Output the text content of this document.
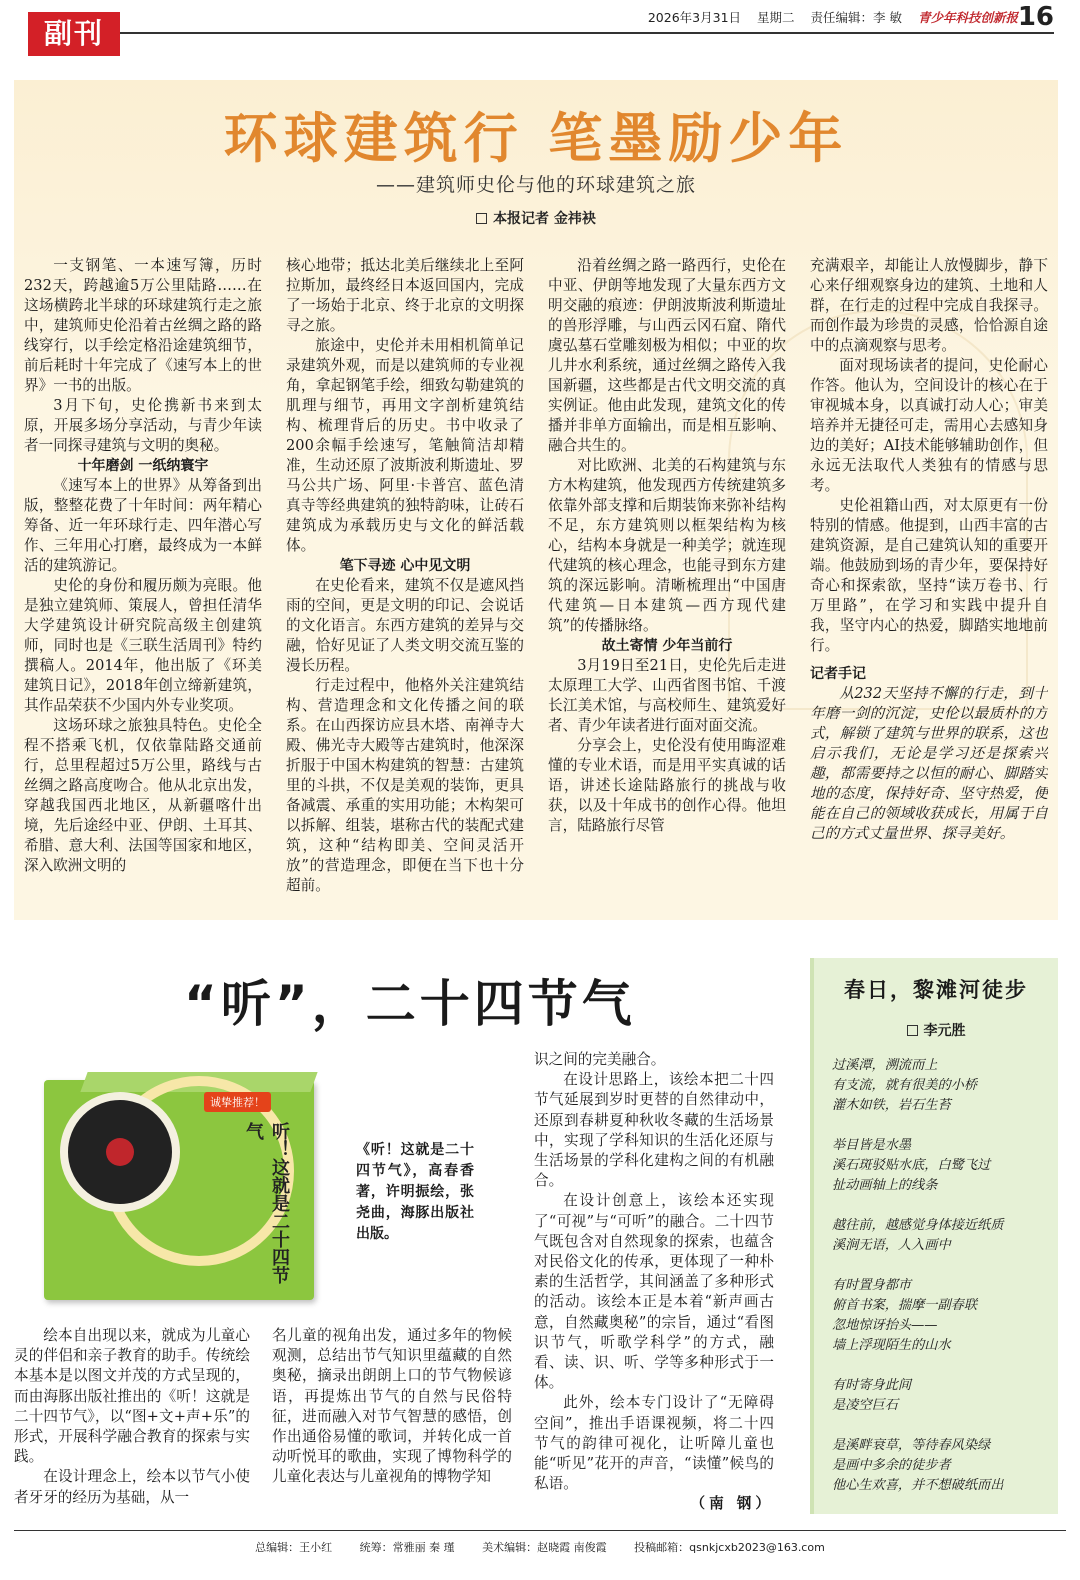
副刊	2026年3月31日 星期二 责任编辑：李 敏 青少年科技创新报 16
环球建筑行 笔墨励少年
——建筑师史伦与他的环球建筑之旅
本报记者 金祎袂

一支钢笔、一本速写簿，历时232天，跨越逾5万公里陆路……在这场横跨北半球的环球建筑行走之旅中，建筑师史伦沿着古丝绸之路的路线穿行，以手绘定格沿途建筑细节，前后耗时十年完成了《速写本上的世界》一书的出版。

3月下旬，史伦携新书来到太原，开展多场分享活动，与青少年读者一同探寻建筑与文明的奥秘。

十年磨剑 一纸纳寰宇

《速写本上的世界》从筹备到出版，整整花费了十年时间：两年精心筹备、近一年环球行走、四年潜心写作、三年用心打磨，最终成为一本鲜活的建筑游记。

史伦的身份和履历颇为亮眼。他是独立建筑师、策展人，曾担任清华大学建筑设计研究院高级主创建筑师，同时也是《三联生活周刊》特约撰稿人。2014年，他出版了《环美建筑日记》，2018年创立缔新建筑，其作品荣获不少国内外专业奖项。

这场环球之旅独具特色。史伦全程不搭乘飞机，仅依靠陆路交通前行，总里程超过5万公里，路线与古丝绸之路高度吻合。他从北京出发，穿越我国西北地区，从新疆喀什出境，先后途经中亚、伊朗、土耳其、希腊、意大利、法国等国家和地区，深入欧洲文明的

核心地带；抵达北美后继续北上至阿拉斯加，最终经日本返回国内，完成了一场始于北京、终于北京的文明探寻之旅。

旅途中，史伦并未用相机简单记录建筑外观，而是以建筑师的专业视角，拿起钢笔手绘，细致勾勒建筑的肌理与细节，再用文字剖析建筑结构、梳理背后的历史。书中收录了200余幅手绘速写，笔触简洁却精准，生动还原了波斯波利斯遗址、罗马公共广场、阿里·卡普宫、蓝色清真寺等经典建筑的独特韵味，让砖石建筑成为承载历史与文化的鲜活载体。

笔下寻迹 心中见文明

在史伦看来，建筑不仅是遮风挡雨的空间，更是文明的印记、会说话的文化语言。东西方建筑的差异与交融，恰好见证了人类文明交流互鉴的漫长历程。

行走过程中，他格外关注建筑结构、营造理念和文化传播之间的联系。在山西探访应县木塔、南禅寺大殿、佛光寺大殿等古建筑时，他深深折服于中国木构建筑的智慧：古建筑里的斗拱，不仅是美观的装饰，更具备减震、承重的实用功能；木构架可以拆解、组装，堪称古代的装配式建筑，这种“结构即美、空间灵活开放”的营造理念，即便在当下也十分超前。

沿着丝绸之路一路西行，史伦在中亚、伊朗等地发现了大量东西方文明交融的痕迹：伊朗波斯波利斯遗址的兽形浮雕，与山西云冈石窟、隋代虞弘墓石堂雕刻极为相似；中亚的坎儿井水利系统，通过丝绸之路传入我国新疆，这些都是古代文明交流的真实例证。他由此发现，建筑文化的传播并非单方面输出，而是相互影响、融合共生的。

对比欧洲、北美的石构建筑与东方木构建筑，他发现西方传统建筑多依靠外部支撑和后期装饰来弥补结构不足，东方建筑则以框架结构为核心，结构本身就是一种美学；就连现代建筑的核心理念，也能寻到东方建筑的深远影响。清晰梳理出“中国唐代建筑—日本建筑—西方现代建筑”的传播脉络。

故土寄情 少年当前行

3月19日至21日，史伦先后走进太原理工大学、山西省图书馆、千渡长江美术馆，与高校师生、建筑爱好者、青少年读者进行面对面交流。

分享会上，史伦没有使用晦涩难懂的专业术语，而是用平实真诚的话语，讲述长途陆路旅行的挑战与收获，以及十年成书的创作心得。他坦言，陆路旅行尽管

充满艰辛，却能让人放慢脚步，静下心来仔细观察身边的建筑、土地和人群，在行走的过程中完成自我探寻。而创作最为珍贵的灵感，恰恰源自途中的点滴观察与思考。

面对现场读者的提问，史伦耐心作答。他认为，空间设计的核心在于审视城本身，以真诚打动人心；审美培养并无捷径可走，需用心去感知身边的美好；AI技术能够辅助创作，但永远无法取代人类独有的情感与思考。

史伦祖籍山西，对太原更有一份特别的情感。他提到，山西丰富的古建筑资源，是自己建筑认知的重要开端。他鼓励到场的青少年，要保持好奇心和探索欲，坚持“读万卷书、行万里路”，在学习和实践中提升自我，坚守内心的热爱，脚踏实地地前行。

记者手记

从232天坚持不懈的行走，到十年磨一剑的沉淀，史伦以最质朴的方式，解锁了建筑与世界的联系，这也启示我们，无论是学习还是探索兴趣，都需要持之以恒的耐心、脚踏实地的态度，保持好奇、坚守热爱，便能在自己的领域收获成长，用属于自己的方式丈量世界、探寻美好。

“听”，二十四节气
诚挚推荐！
听！这就是二十四节气
《听！这就是二十四节气》，高春香著，许明振绘，张尧曲，海豚出版社出版。

绘本自出现以来，就成为儿童心灵的伴侣和亲子教育的助手。传统绘本基本是以图文并茂的方式呈现的，而由海豚出版社推出的《听！这就是二十四节气》，以“图+文+声+乐”的形式，开展科学融合教育的探索与实践。

在设计理念上，绘本以节气小使者牙牙的经历为基础，从一

名儿童的视角出发，通过多年的物候观测，总结出节气知识里蕴藏的自然奥秘，摘录出朗朗上口的节气物候谚语，再提炼出节气的自然与民俗特征，进而融入对节气智慧的感悟，创作出通俗易懂的歌词，并转化成一首动听悦耳的歌曲，实现了博物科学的儿童化表达与儿童视角的博物学知

识之间的完美融合。

在设计思路上，该绘本把二十四节气延展到岁时更替的自然律动中，还原到春耕夏种秋收冬藏的生活场景中，实现了学科知识的生活化还原与生活场景的学科化建构之间的有机融合。

在设计创意上，该绘本还实现了“可视”与“可听”的融合。二十四节气既包含对自然现象的探索，也蕴含对民俗文化的传承，更体现了一种朴素的生活哲学，其间涵盖了多种形式的活动。该绘本正是本着“新声画古意，自然藏奥秘”的宗旨，通过“看图识节气，听歌学科学”的方式，融看、读、识、听、学等多种形式于一体。

此外，绘本专门设计了“无障碍空间”，推出手语课视频，将二十四节气的韵律可视化，让听障儿童也能“听见”花开的声音，“读懂”候鸟的私语。

（南 钢）

春日，黎滩河徒步
李元胜
过溪潭，溯流而上
有支流，就有很美的小桥
灌木如铁，岩石生苔
举目皆是水墨
溪石斑驳贴水底，白鹭飞过
扯动画轴上的线条
越往前，越感觉身体接近纸质
溪涧无语，人入画中
有时置身都市
俯首书案，揣摩一副春联
忽地惊讶抬头——
墙上浮现陌生的山水
有时寄身此间
是凌空巨石
是溪畔衰草，等待春风染绿
是画中多余的徒步者
他心生欢喜，并不想破纸而出
总编辑：王小红	统筹：常雅丽 秦 瑾	美术编辑：赵晓霞 南俊霞	投稿邮箱：qsnkjcxb2023@163.com
